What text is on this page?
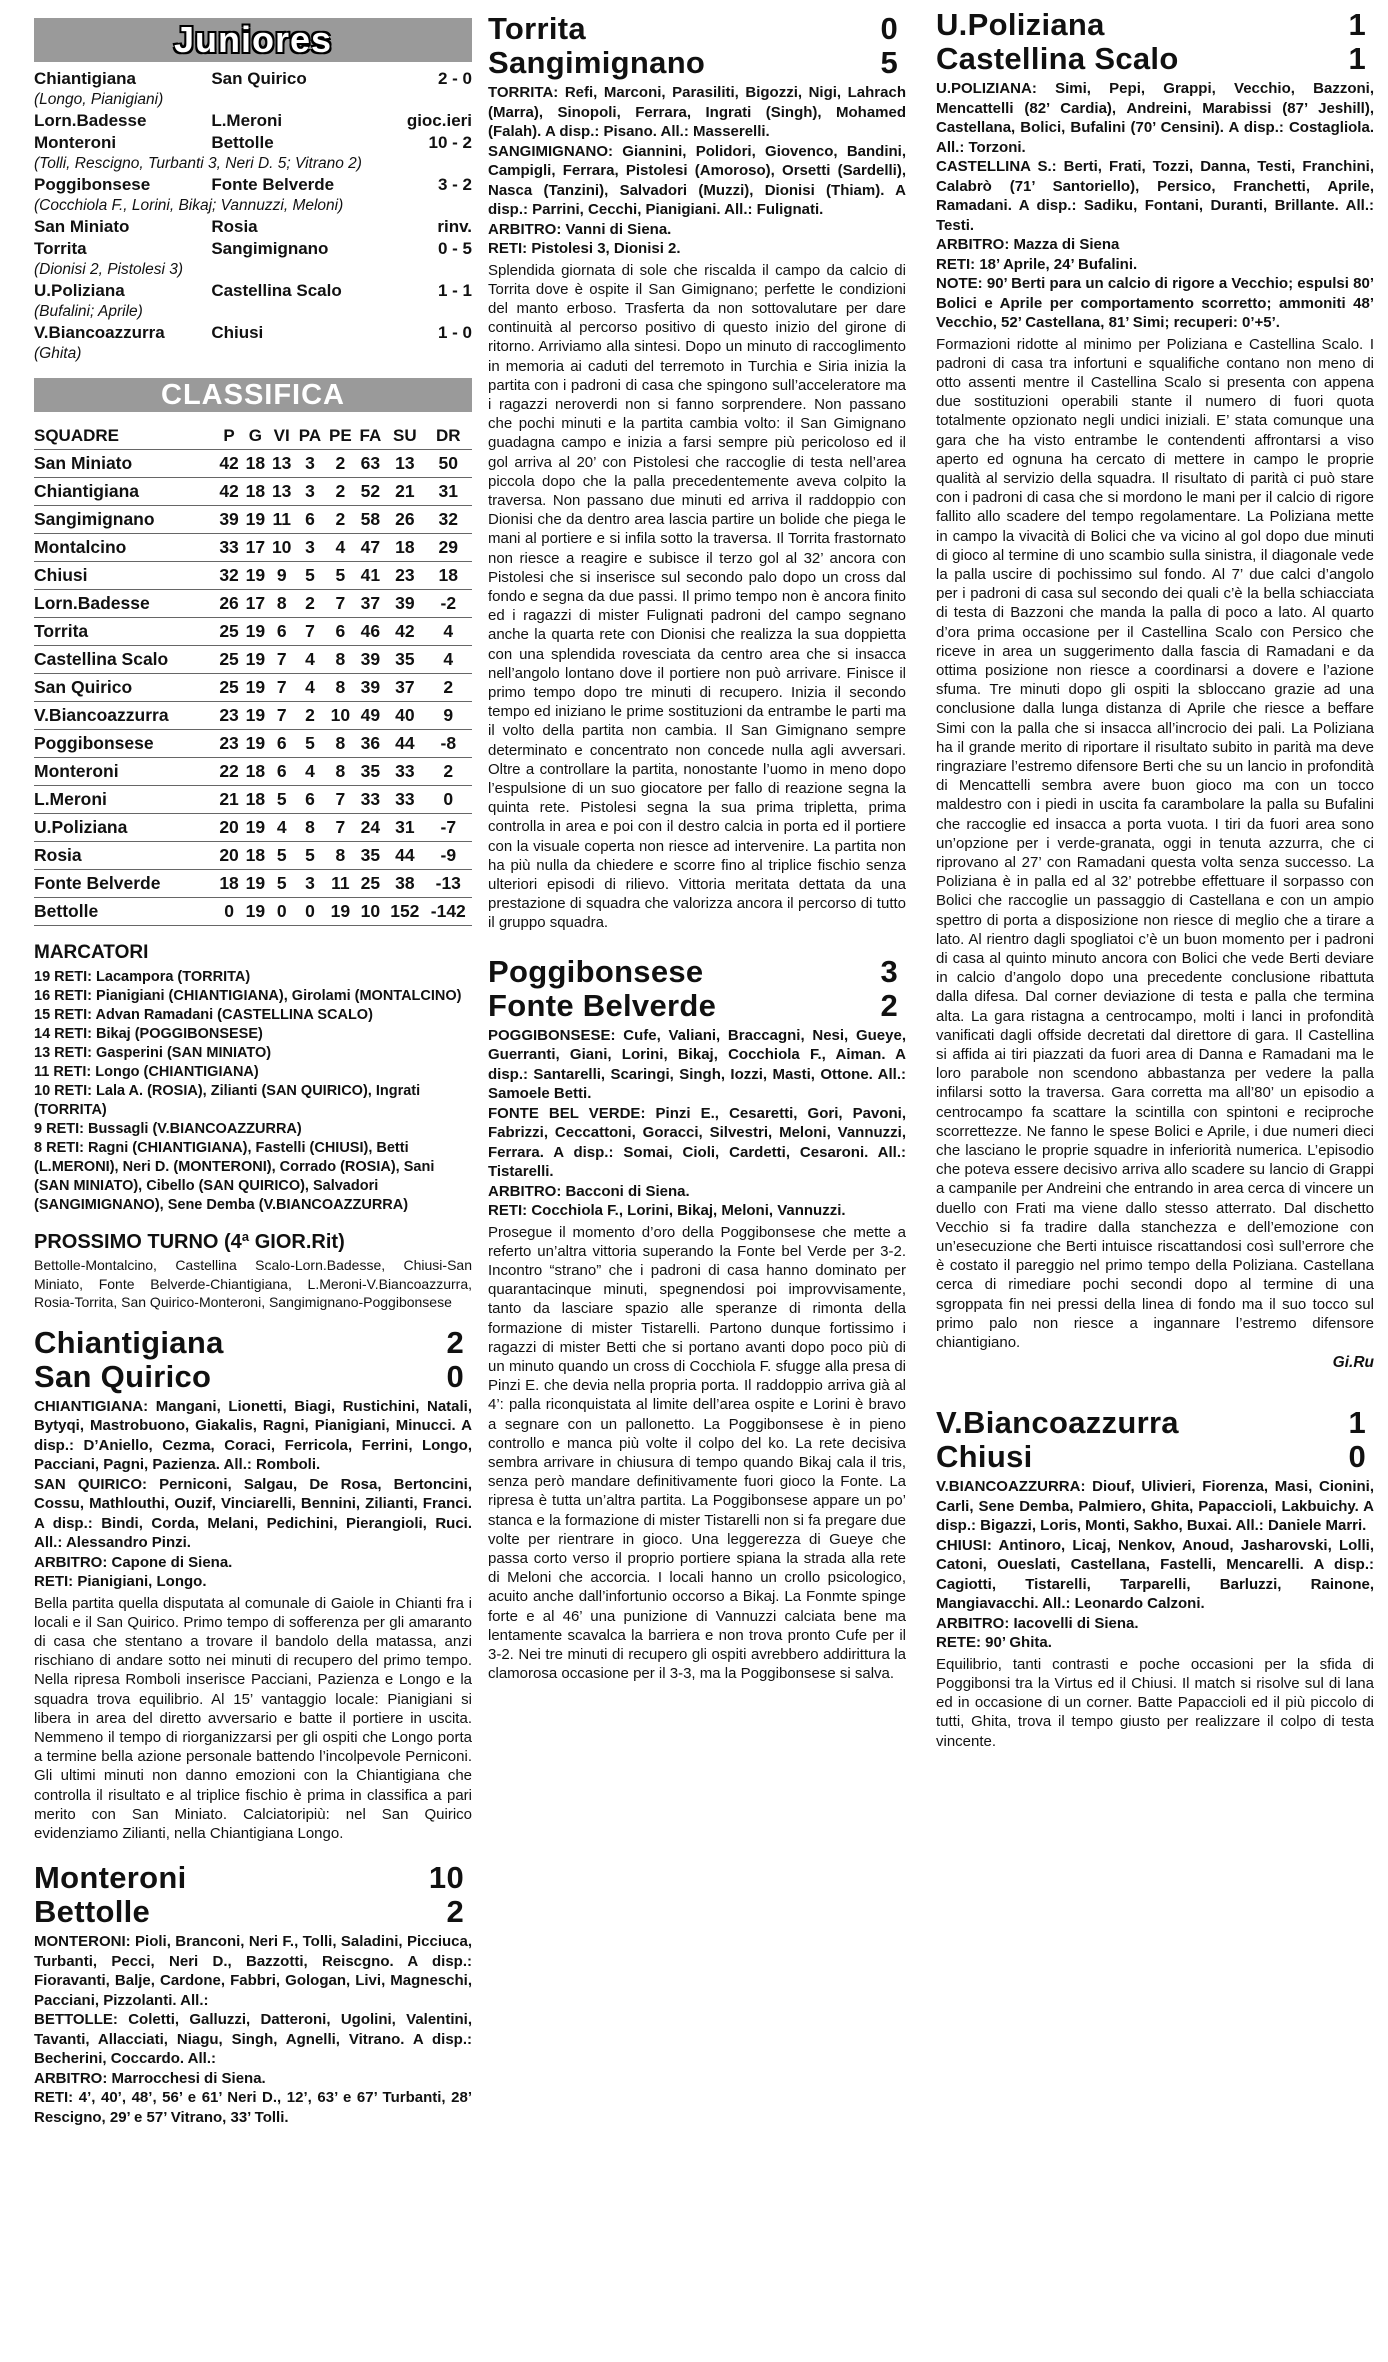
Juniores
Chiantigiana	San Quirico	2 - 0
(Longo, Pianigiani)		
Lorn.Badesse	L.Meroni	gioc.ieri
Monteroni	Bettolle	10 - 2
(Tolli, Rescigno, Turbanti 3, Neri D. 5; Vitrano 2)		
Poggibonsese	Fonte Belverde	3 - 2
(Cocchiola F., Lorini, Bikaj; Vannuzzi, Meloni)		
San Miniato	Rosia	rinv.
Torrita	Sangimignano	0 - 5
(Dionisi 2, Pistolesi 3)		
U.Poliziana	Castellina Scalo	1 - 1
(Bufalini; Aprile)		
V.Biancoazzurra	Chiusi	1 - 0
(Ghita)		
CLASSIFICA
SQUADRE	P	G	VI	PA	PE	FA	SU	DR
San Miniato	42	18	13	3	2	63	13	50
Chiantigiana	42	18	13	3	2	52	21	31
Sangimignano	39	19	11	6	2	58	26	32
Montalcino	33	17	10	3	4	47	18	29
Chiusi	32	19	9	5	5	41	23	18
Lorn.Badesse	26	17	8	2	7	37	39	-2
Torrita	25	19	6	7	6	46	42	4
Castellina Scalo	25	19	7	4	8	39	35	4
San Quirico	25	19	7	4	8	39	37	2
V.Biancoazzurra	23	19	7	2	10	49	40	9
Poggibonsese	23	19	6	5	8	36	44	-8
Monteroni	22	18	6	4	8	35	33	2
L.Meroni	21	18	5	6	7	33	33	0
U.Poliziana	20	19	4	8	7	24	31	-7
Rosia	20	18	5	5	8	35	44	-9
Fonte Belverde	18	19	5	3	11	25	38	-13
Bettolle	0	19	0	0	19	10	152	-142
MARCATORI
19 RETI: Lacampora (TORRITA)
16 RETI: Pianigiani (CHIANTIGIANA), Girolami (MONTALCINO)
15 RETI: Advan Ramadani (CASTELLINA SCALO)
14 RETI: Bikaj (POGGIBONSESE)
13 RETI: Gasperini (SAN MINIATO)
11 RETI: Longo (CHIANTIGIANA)
10 RETI: Lala A. (ROSIA), Zilianti (SAN QUIRICO), Ingrati (TORRITA)
9 RETI: Bussagli (V.BIANCOAZZURRA)
8 RETI: Ragni (CHIANTIGIANA), Fastelli (CHIUSI), Betti (L.MERONI), Neri D. (MONTERONI), Corrado (ROSIA), Sani (SAN MINIATO), Cibello (SAN QUIRICO), Salvadori (SANGIMIGNANO), Sene Demba (V.BIANCOAZZURRA)
PROSSIMO TURNO (4ª GIOR.Rit)
Bettolle-Montalcino, Castellina Scalo-Lorn.Badesse, Chiusi-San Miniato, Fonte Belverde-Chiantigiana, L.Meroni-V.Biancoazzurra, Rosia-Torrita, San Quirico-Monteroni, Sangimignano-Poggibonsese
Chiantigiana	2
San Quirico	0

CHIANTIGIANA: Mangani, Lionetti, Biagi, Rustichini, Natali, Bytyqi, Mastrobuono, Giakalis, Ragni, Pianigiani, Minucci. A disp.: D’Aniello, Cezma, Coraci, Ferricola, Ferrini, Longo, Pacciani, Pagni, Pazienza. All.: Romboli.

SAN QUIRICO: Perniconi, Salgau, De Rosa, Bertoncini, Cossu, Mathlouthi, Ouzif, Vinciarelli, Bennini, Zilianti, Franci. A disp.: Bindi, Corda, Melani, Pedichini, Pierangioli, Ruci. All.: Alessandro Pinzi.

ARBITRO: Capone di Siena.

RETI: Pianigiani, Longo.

Bella partita quella disputata al comunale di Gaiole in Chianti fra i locali e il San Quirico. Primo tempo di sofferenza per gli amaranto di casa che stentano a trovare il bandolo della matassa, anzi rischiano di andare sotto nei minuti di recupero del primo tempo. Nella ripresa Romboli inserisce Pacciani, Pazienza e Longo e la squadra trova equilibrio. Al 15’ vantaggio locale: Pianigiani si libera in area del diretto avversario e batte il portiere in uscita. Nemmeno il tempo di riorganizzarsi per gli ospiti che Longo porta a termine bella azione personale battendo l’incolpevole Perniconi. Gli ultimi minuti non danno emozioni con la Chiantigiana che controlla il risultato e al triplice fischio è prima in classifica a pari merito con San Miniato. Calciatoripiù: nel San Quirico evidenziamo Zilianti, nella Chiantigiana Longo.
Monteroni	10
Bettolle	2

MONTERONI: Pioli, Branconi, Neri F., Tolli, Saladini, Picciuca, Turbanti, Pecci, Neri D., Bazzotti, Reiscgno. A disp.: Fioravanti, Balje, Cardone, Fabbri, Gologan, Livi, Magneschi, Pacciani, Pizzolanti. All.:

BETTOLLE: Coletti, Galluzzi, Datteroni, Ugolini, Valentini, Tavanti, Allacciati, Niagu, Singh, Agnelli, Vitrano. A disp.: Becherini, Coccardo. All.:

ARBITRO: Marrocchesi di Siena.

RETI: 4’, 40’, 48’, 56’ e 61’ Neri D., 12’, 63’ e 67’ Turbanti, 28’ Rescigno, 29’ e 57’ Vitrano, 33’ Tolli.

Torrita	0
Sangimignano	5

TORRITA: Refi, Marconi, Parasiliti, Bigozzi, Nigi, Lahrach (Marra), Sinopoli, Ferrara, Ingrati (Singh), Mohamed (Falah). A disp.: Pisano. All.: Masserelli.

SANGIMIGNANO: Giannini, Polidori, Giovenco, Bandini, Campigli, Ferrara, Pistolesi (Amoroso), Orsetti (Sardelli), Nasca (Tanzini), Salvadori (Muzzi), Dionisi (Thiam). A disp.: Parrini, Cecchi, Pianigiani. All.: Fulignati.

ARBITRO: Vanni di Siena.

RETI: Pistolesi 3, Dionisi 2.

Splendida giornata di sole che riscalda il campo da calcio di Torrita dove è ospite il San Gimignano; perfette le condizioni del manto erboso. Trasferta da non sottovalutare per dare continuità al percorso positivo di questo inizio del girone di ritorno. Arriviamo alla sintesi. Dopo un minuto di raccoglimento in memoria ai caduti del terremoto in Turchia e Siria inizia la partita con i padroni di casa che spingono sull’acceleratore ma i ragazzi neroverdi non si fanno sorprendere. Non passano che pochi minuti e la partita cambia volto: il San Gimignano guadagna campo e inizia a farsi sempre più pericoloso ed il gol arriva al 20’ con Pistolesi che raccoglie di testa nell’area piccola dopo che la palla precedentemente aveva colpito la traversa. Non passano due minuti ed arriva il raddoppio con Dionisi che da dentro area lascia partire un bolide che piega le mani al portiere e si infila sotto la traversa. Il Torrita frastornato non riesce a reagire e subisce il terzo gol al 32’ ancora con Pistolesi che si inserisce sul secondo palo dopo un cross dal fondo e segna da due passi. Il primo tempo non è ancora finito ed i ragazzi di mister Fulignati padroni del campo segnano anche la quarta rete con Dionisi che realizza la sua doppietta con una splendida rovesciata da centro area che si insacca nell’angolo lontano dove il portiere non può arrivare. Finisce il primo tempo dopo tre minuti di recupero. Inizia il secondo tempo ed iniziano le prime sostituzioni da entrambe le parti ma il volto della partita non cambia. Il San Gimignano sempre determinato e concentrato non concede nulla agli avversari. Oltre a controllare la partita, nonostante l’uomo in meno dopo l’espulsione di un suo giocatore per fallo di reazione segna la quinta rete. Pistolesi segna la sua prima tripletta, prima controlla in area e poi con il destro calcia in porta ed il portiere con la visuale coperta non riesce ad intervenire. La partita non ha più nulla da chiedere e scorre fino al triplice fischio senza ulteriori episodi di rilievo. Vittoria meritata dettata da una prestazione di squadra che valorizza ancora il percorso di tutto il gruppo squadra.
Poggibonsese	3
Fonte Belverde	2

POGGIBONSESE: Cufe, Valiani, Braccagni, Nesi, Gueye, Guerranti, Giani, Lorini, Bikaj, Cocchiola F., Aiman. A disp.: Santarelli, Scaringi, Singh, Iozzi, Masti, Ottone. All.: Samoele Betti.

FONTE BEL VERDE: Pinzi E., Cesaretti, Gori, Pavoni, Fabrizzi, Ceccattoni, Goracci, Silvestri, Meloni, Vannuzzi, Ferrara. A disp.: Somai, Cioli, Cardetti, Cesaroni. All.: Tistarelli.

ARBITRO: Bacconi di Siena.

RETI: Cocchiola F., Lorini, Bikaj, Meloni, Vannuzzi.

Prosegue il momento d’oro della Poggibonsese che mette a referto un’altra vittoria superando la Fonte bel Verde per 3-2. Incontro “strano” che i padroni di casa hanno dominato per quarantacinque minuti, spegnendosi poi improvvisamente, tanto da lasciare spazio alle speranze di rimonta della formazione di mister Tistarelli. Partono dunque fortissimo i ragazzi di mister Betti che si portano avanti dopo poco più di un minuto quando un cross di Cocchiola F. sfugge alla presa di Pinzi E. che devia nella propria porta. Il raddoppio arriva già al 4’: palla riconquistata al limite dell’area ospite e Lorini è bravo a segnare con un pallonetto. La Poggibonsese è in pieno controllo e manca più volte il colpo del ko. La rete decisiva sembra arrivare in chiusura di tempo quando Bikaj cala il tris, senza però mandare definitivamente fuori gioco la Fonte. La ripresa è tutta un’altra partita. La Poggibonsese appare un po’ stanca e la formazione di mister Tistarelli non si fa pregare due volte per rientrare in gioco. Una leggerezza di Gueye che passa corto verso il proprio portiere spiana la strada alla rete di Meloni che accorcia. I locali hanno un crollo psicologico, acuito anche dall’infortunio occorso a Bikaj. La Fonmte spinge forte e al 46’ una punizione di Vannuzzi calciata bene ma lentamente scavalca la barriera e non trova pronto Cufe per il 3-2. Nei tre minuti di recupero gli ospiti avrebbero addirittura la clamorosa occasione per il 3-3, ma la Poggibonsese si salva.
U.Poliziana	1
Castellina Scalo	1

U.POLIZIANA: Simi, Pepi, Grappi, Vecchio, Bazzoni, Mencattelli (82’ Cardia), Andreini, Marabissi (87’ Jeshill), Castellana, Bolici, Bufalini (70’ Censini). A disp.: Costagliola. All.: Torzoni.

CASTELLINA S.: Berti, Frati, Tozzi, Danna, Testi, Franchini, Calabrò (71’ Santoriello), Persico, Franchetti, Aprile, Ramadani. A disp.: Sadiku, Fontani, Duranti, Brillante. All.: Testi.

ARBITRO: Mazza di Siena

RETI: 18’ Aprile, 24’ Bufalini.

NOTE: 90’ Berti para un calcio di rigore a Vecchio; espulsi 80’ Bolici e Aprile per comportamento scorretto; ammoniti 48’ Vecchio, 52’ Castellana, 81’ Simi; recuperi: 0’+5’.

Formazioni ridotte al minimo per Poliziana e Castellina Scalo. I padroni di casa tra infortuni e squalifiche contano non meno di otto assenti mentre il Castellina Scalo si presenta con appena due sostituzioni operabili stante il numero di fuori quota totalmente opzionato negli undici iniziali. E’ stata comunque una gara che ha visto entrambe le contendenti affrontarsi a viso aperto ed ognuna ha cercato di mettere in campo le proprie qualità al servizio della squadra. Il risultato di parità ci può stare con i padroni di casa che si mordono le mani per il calcio di rigore fallito allo scadere del tempo regolamentare. La Poliziana mette in campo la vivacità di Bolici che va vicino al gol dopo due minuti di gioco al termine di uno scambio sulla sinistra, il diagonale vede la palla uscire di pochissimo sul fondo. Al 7’ due calci d’angolo per i padroni di casa sul secondo dei quali c’è la bella schiacciata di testa di Bazzoni che manda la palla di poco a lato. Al quarto d’ora prima occasione per il Castellina Scalo con Persico che riceve in area un suggerimento dalla fascia di Ramadani e da ottima posizione non riesce a coordinarsi a dovere e l’azione sfuma. Tre minuti dopo gli ospiti la sbloccano grazie ad una conclusione dalla lunga distanza di Aprile che riesce a beffare Simi con la palla che si insacca all’incrocio dei pali. La Poliziana ha il grande merito di riportare il risultato subito in parità ma deve ringraziare l’estremo difensore Berti che su un lancio in profondità di Mencattelli sembra avere buon gioco ma con un tocco maldestro con i piedi in uscita fa carambolare la palla su Bufalini che raccoglie ed insacca a porta vuota. I tiri da fuori area sono un’opzione per i verde-granata, oggi in tenuta azzurra, che ci riprovano al 27’ con Ramadani questa volta senza successo. La Poliziana è in palla ed al 32’ potrebbe effettuare il sorpasso con Bolici che raccoglie un passaggio di Castellana e con un ampio spettro di porta a disposizione non riesce di meglio che a tirare a lato. Al rientro dagli spogliatoi c’è un buon momento per i padroni di casa al quinto minuto ancora con Bolici che vede Berti deviare in calcio d’angolo dopo una precedente conclusione ribattuta dalla difesa. Dal corner deviazione di testa e palla che termina alta. La gara ristagna a centrocampo, molti i lanci in profondità vanificati dagli offside decretati dal direttore di gara. Il Castellina si affida ai tiri piazzati da fuori area di Danna e Ramadani ma le loro parabole non scendono abbastanza per vedere la palla infilarsi sotto la traversa. Gara corretta ma all’80’ un episodio a centrocampo fa scattare la scintilla con spintoni e reciproche scorrettezze. Ne fanno le spese Bolici e Aprile, i due numeri dieci che lasciano le proprie squadre in inferiorità numerica. L’episodio che poteva essere decisivo arriva allo scadere su lancio di Grappi a campanile per Andreini che entrando in area cerca di vincere un duello con Frati ma viene dallo stesso atterrato. Dal dischetto Vecchio si fa tradire dalla stanchezza e dell’emozione con un’esecuzione che Berti intuisce riscattandosi così sull’errore che è costato il pareggio nel primo tempo della Poliziana. Castellana cerca di rimediare pochi secondi dopo al termine di una sgroppata fin nei pressi della linea di fondo ma il suo tocco sul primo palo non riesce a ingannare l’estremo difensore chiantigiano.
Gi.Ru
V.Biancoazzurra	1
Chiusi	0

V.BIANCOAZZURRA: Diouf, Ulivieri, Fiorenza, Masi, Cionini, Carli, Sene Demba, Palmiero, Ghita, Papaccioli, Lakbuichy. A disp.: Bigazzi, Loris, Monti, Sakho, Buxai. All.: Daniele Marri.

CHIUSI: Antinoro, Licaj, Nenkov, Anoud, Jasharovski, Lolli, Catoni, Oueslati, Castellana, Fastelli, Mencarelli. A disp.: Cagiotti, Tistarelli, Tarparelli, Barluzzi, Rainone, Mangiavacchi. All.: Leonardo Calzoni.

ARBITRO: Iacovelli di Siena.

RETE: 90’ Ghita.

Equilibrio, tanti contrasti e poche occasioni per la sfida di Poggibonsi tra la Virtus ed il Chiusi. Il match si risolve sul di lana ed in occasione di un corner. Batte Papaccioli ed il più piccolo di tutti, Ghita, trova il tempo giusto per realizzare il colpo di testa vincente.
